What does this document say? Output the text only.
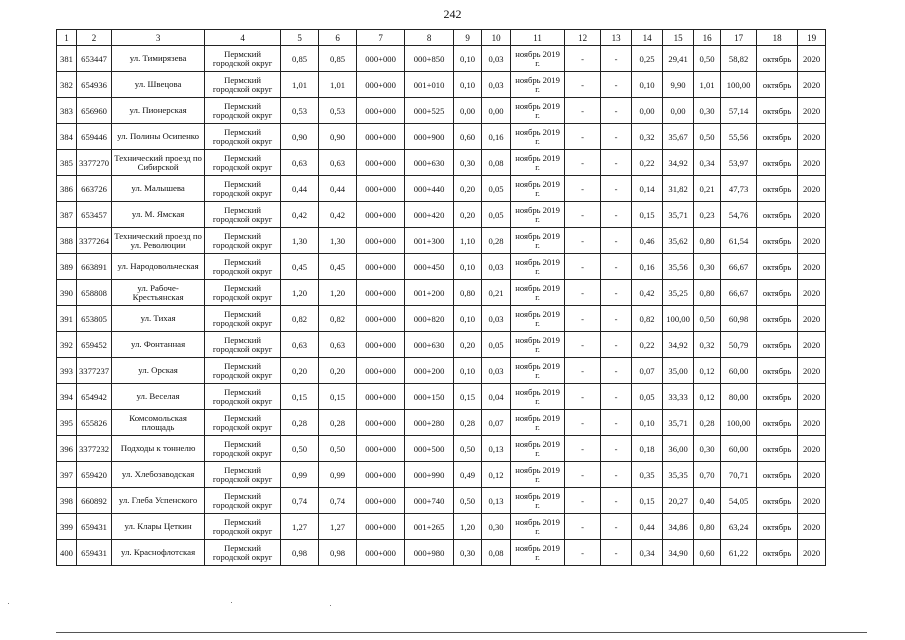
242
1	2	3	4	5	6	7	8	9	10	11	12	13	14	15	16	17	18	19
381	653447	ул. Тимирязева	Пермский городской округ	0,85	0,85	000+000	000+850	0,10	0,03	ноябрь 2019 г.	-	-	0,25	29,41	0,50	58,82	октябрь	2020
382	654936	ул. Швецова	Пермский городской округ	1,01	1,01	000+000	001+010	0,10	0,03	ноябрь 2019 г.	-	-	0,10	9,90	1,01	100,00	октябрь	2020
383	656960	ул. Пионерская	Пермский городской округ	0,53	0,53	000+000	000+525	0,00	0,00	ноябрь 2019 г.	-	-	0,00	0,00	0,30	57,14	октябрь	2020
384	659446	ул. Полины Осипенко	Пермский городской округ	0,90	0,90	000+000	000+900	0,60	0,16	ноябрь 2019 г.	-	-	0,32	35,67	0,50	55,56	октябрь	2020
385	3377270	Технический проезд по Сибирской	Пермский городской округ	0,63	0,63	000+000	000+630	0,30	0,08	ноябрь 2019 г.	-	-	0,22	34,92	0,34	53,97	октябрь	2020
386	663726	ул. Малышева	Пермский городской округ	0,44	0,44	000+000	000+440	0,20	0,05	ноябрь 2019 г.	-	-	0,14	31,82	0,21	47,73	октябрь	2020
387	653457	ул. М. Ямская	Пермский городской округ	0,42	0,42	000+000	000+420	0,20	0,05	ноябрь 2019 г.	-	-	0,15	35,71	0,23	54,76	октябрь	2020
388	3377264	Технический проезд по ул. Революции	Пермский городской округ	1,30	1,30	000+000	001+300	1,10	0,28	ноябрь 2019 г.	-	-	0,46	35,62	0,80	61,54	октябрь	2020
389	663891	ул. Народовольческая	Пермский городской округ	0,45	0,45	000+000	000+450	0,10	0,03	ноябрь 2019 г.	-	-	0,16	35,56	0,30	66,67	октябрь	2020
390	658808	ул. Рабоче-Крестьянская	Пермский городской округ	1,20	1,20	000+000	001+200	0,80	0,21	ноябрь 2019 г.	-	-	0,42	35,25	0,80	66,67	октябрь	2020
391	653805	ул. Тихая	Пермский городской округ	0,82	0,82	000+000	000+820	0,10	0,03	ноябрь 2019 г.	-	-	0,82	100,00	0,50	60,98	октябрь	2020
392	659452	ул. Фонтанная	Пермский городской округ	0,63	0,63	000+000	000+630	0,20	0,05	ноябрь 2019 г.	-	-	0,22	34,92	0,32	50,79	октябрь	2020
393	3377237	ул. Орская	Пермский городской округ	0,20	0,20	000+000	000+200	0,10	0,03	ноябрь 2019 г.	-	-	0,07	35,00	0,12	60,00	октябрь	2020
394	654942	ул. Веселая	Пермский городской округ	0,15	0,15	000+000	000+150	0,15	0,04	ноябрь 2019 г.	-	-	0,05	33,33	0,12	80,00	октябрь	2020
395	655826	Комсомольская площадь	Пермский городской округ	0,28	0,28	000+000	000+280	0,28	0,07	ноябрь 2019 г.	-	-	0,10	35,71	0,28	100,00	октябрь	2020
396	3377232	Подходы к тоннелю	Пермский городской округ	0,50	0,50	000+000	000+500	0,50	0,13	ноябрь 2019 г.	-	-	0,18	36,00	0,30	60,00	октябрь	2020
397	659420	ул. Хлебозаводская	Пермский городской округ	0,99	0,99	000+000	000+990	0,49	0,12	ноябрь 2019 г.	-	-	0,35	35,35	0,70	70,71	октябрь	2020
398	660892	ул. Глеба Успенского	Пермский городской округ	0,74	0,74	000+000	000+740	0,50	0,13	ноябрь 2019 г.	-	-	0,15	20,27	0,40	54,05	октябрь	2020
399	659431	ул. Клары Цеткин	Пермский городской округ	1,27	1,27	000+000	001+265	1,20	0,30	ноябрь 2019 г.	-	-	0,44	34,86	0,80	63,24	октябрь	2020
400	659431	ул. Краснофлотская	Пермский городской округ	0,98	0,98	000+000	000+980	0,30	0,08	ноябрь 2019 г.	-	-	0,34	34,90	0,60	61,22	октябрь	2020
